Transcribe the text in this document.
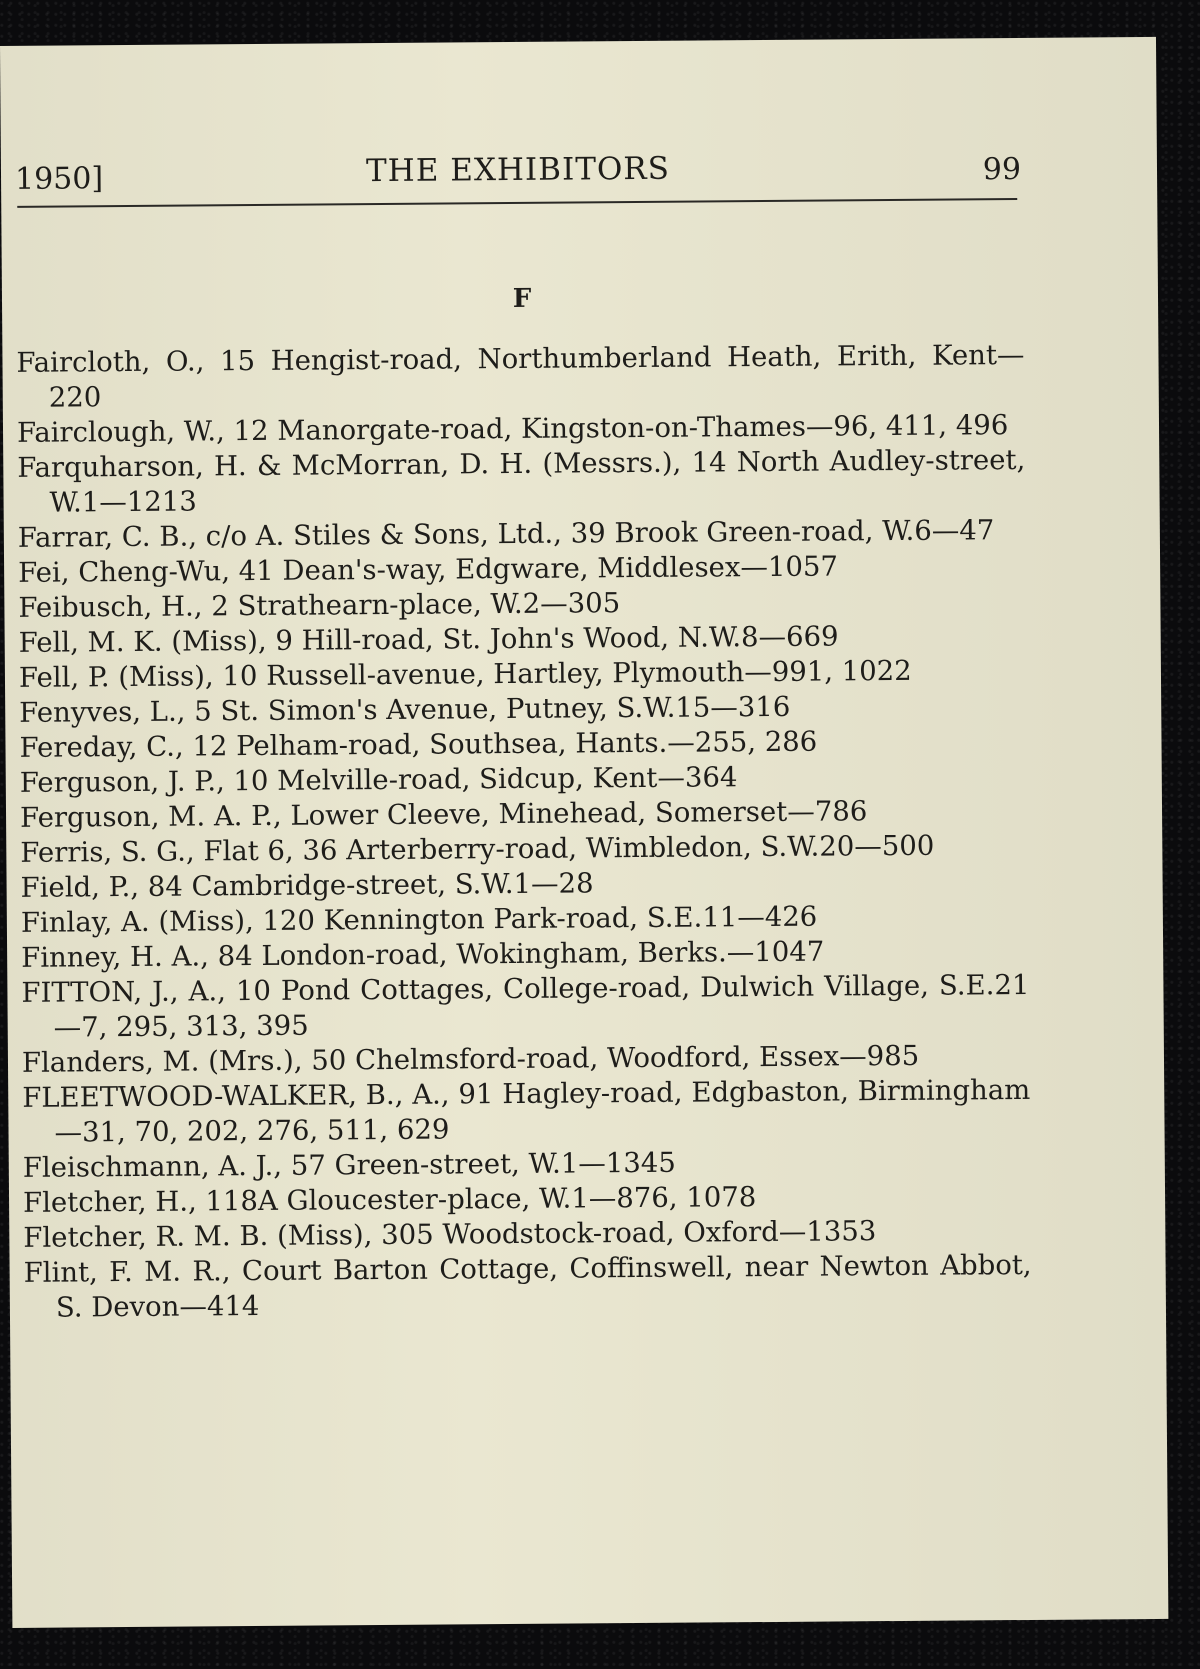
1950]	THE EXHIBITORS	99
F
Faircloth, O., 15 Hengist-road, Northumberland Heath, Erith, Kent—220
Fairclough, W., 12 Manorgate-road, Kingston-on-Thames—96, 411, 496
Farquharson, H. & McMorran, D. H. (Messrs.), 14 North Audley-street, W.1—1213
Farrar, C. B., c/o A. Stiles & Sons, Ltd., 39 Brook Green-road, W.6—47
Fei, Cheng-Wu, 41 Dean's-way, Edgware, Middlesex—1057
Feibusch, H., 2 Strathearn-place, W.2—305
Fell, M. K. (Miss), 9 Hill-road, St. John's Wood, N.W.8—669
Fell, P. (Miss), 10 Russell-avenue, Hartley, Plymouth—991, 1022
Fenyves, L., 5 St. Simon's Avenue, Putney, S.W.15—316
Fereday, C., 12 Pelham-road, Southsea, Hants.—255, 286
Ferguson, J. P., 10 Melville-road, Sidcup, Kent—364
Ferguson, M. A. P., Lower Cleeve, Minehead, Somerset—786
Ferris, S. G., Flat 6, 36 Arterberry-road, Wimbledon, S.W.20—500
Field, P., 84 Cambridge-street, S.W.1—28
Finlay, A. (Miss), 120 Kennington Park-road, S.E.11—426
Finney, H. A., 84 London-road, Wokingham, Berks.—1047
FITTON, J., A., 10 Pond Cottages, College-road, Dulwich Village, S.E.21—7, 295, 313, 395
Flanders, M. (Mrs.), 50 Chelmsford-road, Woodford, Essex—985
FLEETWOOD-WALKER, B., A., 91 Hagley-road, Edgbaston, Birmingham—31, 70, 202, 276, 511, 629
Fleischmann, A. J., 57 Green-street, W.1—1345
Fletcher, H., 118A Gloucester-place, W.1—876, 1078
Fletcher, R. M. B. (Miss), 305 Woodstock-road, Oxford—1353
Flint, F. M. R., Court Barton Cottage, Coffinswell, near Newton Abbot, S. Devon—414
